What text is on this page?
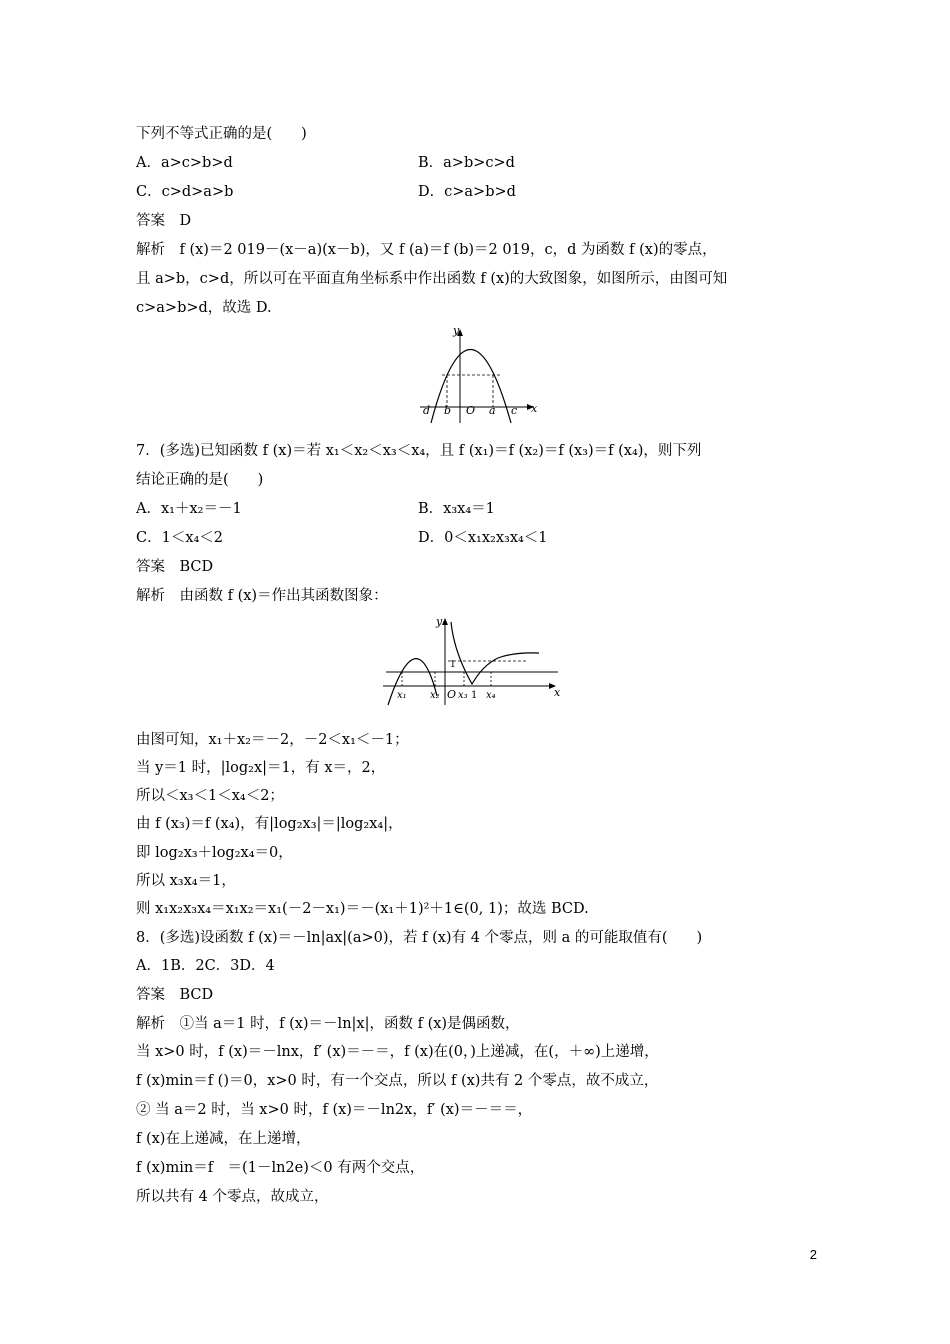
下列不等式正确的是(　　)
A．a>c>b>d	B．a>b>c>d
C．c>d>a>b	D．c>a>b>d
答案　D
解析　f (x)＝2 019－(x－a)(x－b)，又 f (a)＝f (b)＝2 019，c，d 为函数 f (x)的零点，
且 a>b，c>d，所以可在平面直角坐标系中作出函数 f (x)的大致图象，如图所示，由图可知
c>a>b>d，故选 D.
y
x
d b O a c
7．(多选)已知函数 f (x)＝若 x₁＜x₂＜x₃＜x₄，且 f (x₁)＝f (x₂)＝f (x₃)＝f (x₄)，则下列
结论正确的是(　　)
A．x₁＋x₂＝－1	B．x₃x₄＝1
C．1＜x₄＜2	D．0＜x₁x₂x₃x₄＜1
答案　BCD
解析　由函数 f (x)＝作出其函数图象：
y
x
1
x₁ x₂ O x₃ 1 x₄
由图可知，x₁＋x₂＝－2，－2＜x₁＜－1；
当 y＝1 时，|log₂x|＝1，有 x＝，2，
所以＜x₃＜1＜x₄＜2；
由 f (x₃)＝f (x₄)，有|log₂x₃|＝|log₂x₄|，
即 log₂x₃＋log₂x₄＝0，
所以 x₃x₄＝1，
则 x₁x₂x₃x₄＝x₁x₂＝x₁(－2－x₁)＝－(x₁＋1)²＋1∈(0, 1)；故选 BCD.
8．(多选)设函数 f (x)＝－ln|ax|(a>0)，若 f (x)有 4 个零点，则 a 的可能取值有(　　)
A．1B．2C．3D．4
答案　BCD
解析　①当 a＝1 时，f (x)＝－ln|x|，函数 f (x)是偶函数，
当 x>0 时，f (x)＝－lnx，f′ (x)＝－＝，f (x)在(0，)上递减，在(，＋∞)上递增，
f (x)min＝f ()＝0，x>0 时，有一个交点，所以 f (x)共有 2 个零点，故不成立，
② 当 a＝2 时，当 x>0 时，f (x)＝－ln2x，f′ (x)＝－＝＝，
f (x)在上递减，在上递增，
f (x)min＝f　＝(1－ln2e)＜0 有两个交点，
所以共有 4 个零点，故成立，
2
